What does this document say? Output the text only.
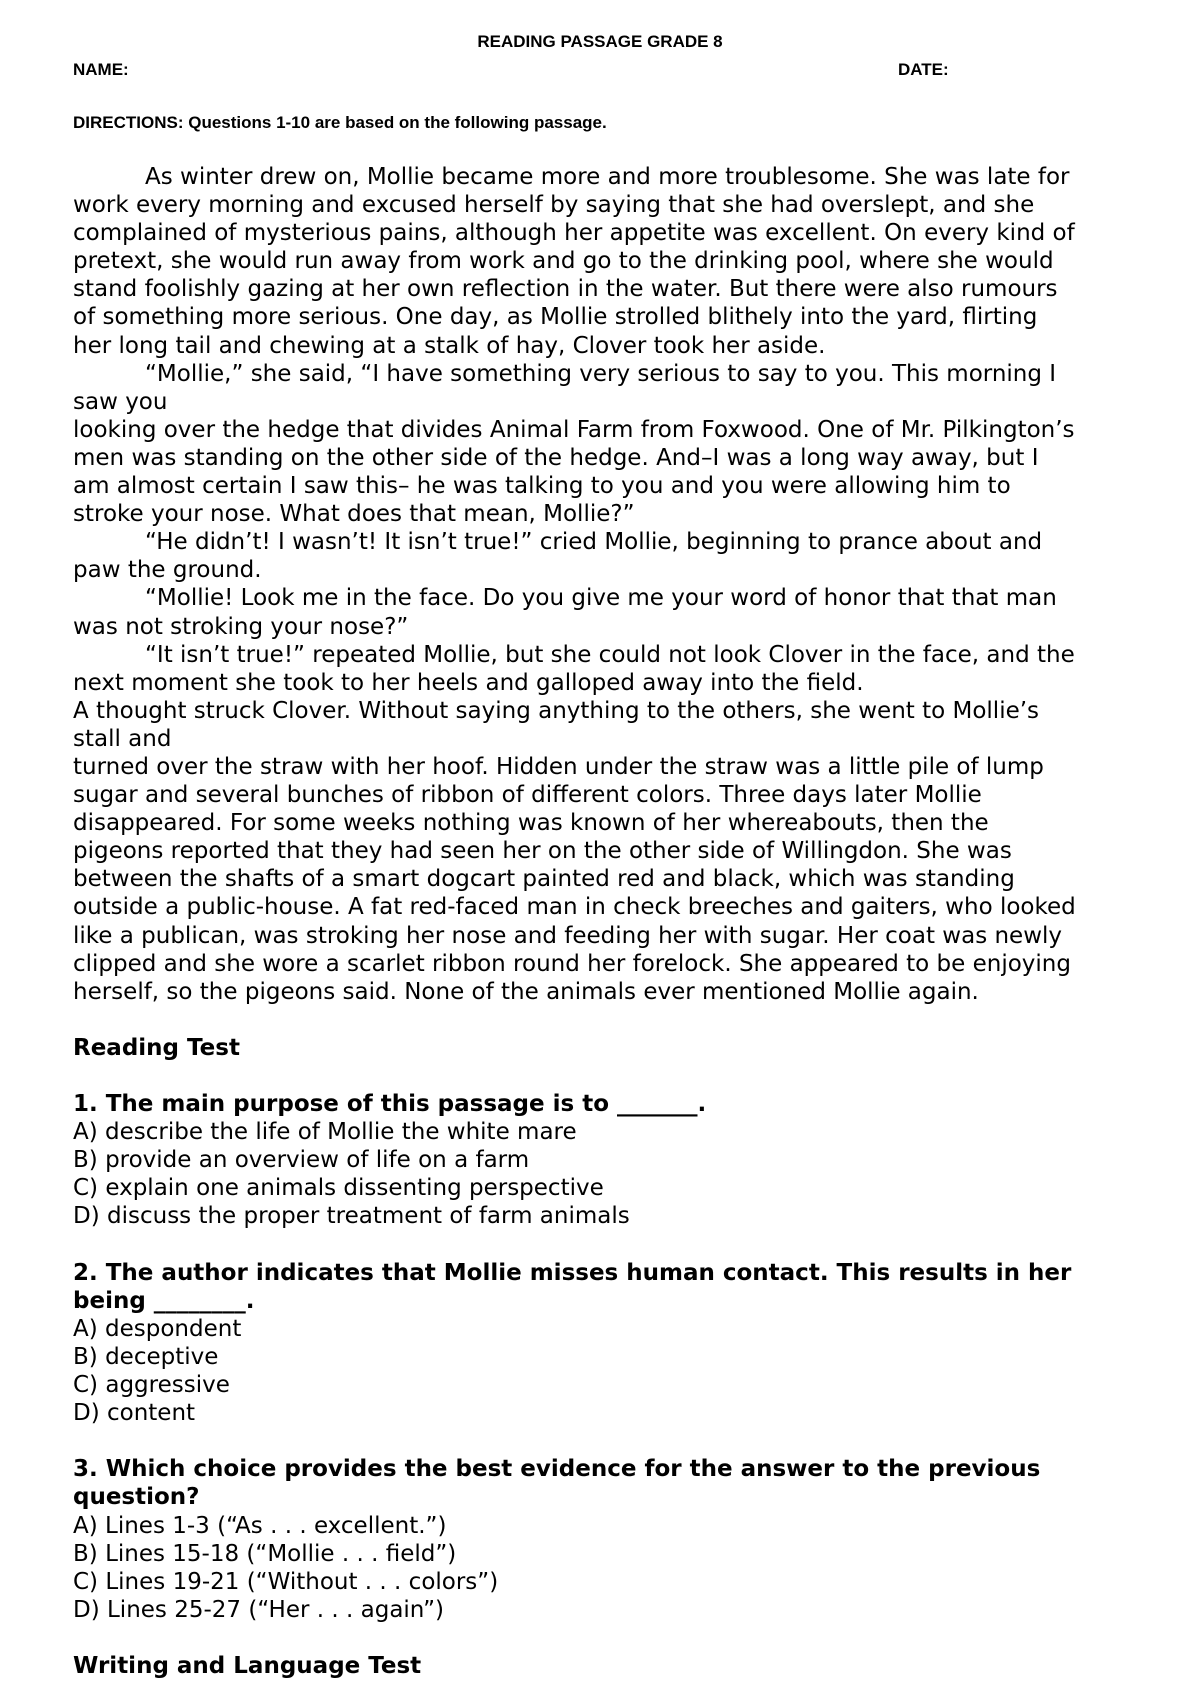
READING PASSAGE GRADE 8
NAME:	DATE:
DIRECTIONS: Questions 1-10 are based on the following passage.
As winter drew on, Mollie became more and more troublesome. She was late for
work every morning and excused herself by saying that she had overslept, and she
complained of mysterious pains, although her appetite was excellent. On every kind of
pretext, she would run away from work and go to the drinking pool, where she would
stand foolishly gazing at her own reflection in the water. But there were also rumours
of something more serious. One day, as Mollie strolled blithely into the yard, flirting
her long tail and chewing at a stalk of hay, Clover took her aside.
“Mollie,” she said, “I have something very serious to say to you. This morning I
saw you
looking over the hedge that divides Animal Farm from Foxwood. One of Mr. Pilkington’s
men was standing on the other side of the hedge. And–I was a long way away, but I
am almost certain I saw this– he was talking to you and you were allowing him to
stroke your nose. What does that mean, Mollie?”
“He didn’t! I wasn’t! It isn’t true!” cried Mollie, beginning to prance about and
paw the ground.
“Mollie! Look me in the face. Do you give me your word of honor that that man
was not stroking your nose?”
“It isn’t true!” repeated Mollie, but she could not look Clover in the face, and the
next moment she took to her heels and galloped away into the field.
A thought struck Clover. Without saying anything to the others, she went to Mollie’s
stall and
turned over the straw with her hoof. Hidden under the straw was a little pile of lump
sugar and several bunches of ribbon of different colors. Three days later Mollie
disappeared. For some weeks nothing was known of her whereabouts, then the
pigeons reported that they had seen her on the other side of Willingdon. She was
between the shafts of a smart dogcart painted red and black, which was standing
outside a public-house. A fat red-faced man in check breeches and gaiters, who looked
like a publican, was stroking her nose and feeding her with sugar. Her coat was newly
clipped and she wore a scarlet ribbon round her forelock. She appeared to be enjoying
herself, so the pigeons said. None of the animals ever mentioned Mollie again.
Reading Test
1. The main purpose of this passage is to _______.
A) describe the life of Mollie the white mare
B) provide an overview of life on a farm
C) explain one animals dissenting perspective
D) discuss the proper treatment of farm animals
2. The author indicates that Mollie misses human contact. This results in her
being ________.
A) despondent
B) deceptive
C) aggressive
D) content
3. Which choice provides the best evidence for the answer to the previous
question?
A) Lines 1-3 (“As . . . excellent.”)
B) Lines 15-18 (“Mollie . . . field”)
C) Lines 19-21 (“Without . . . colors”)
D) Lines 25-27 (“Her . . . again”)
Writing and Language Test
